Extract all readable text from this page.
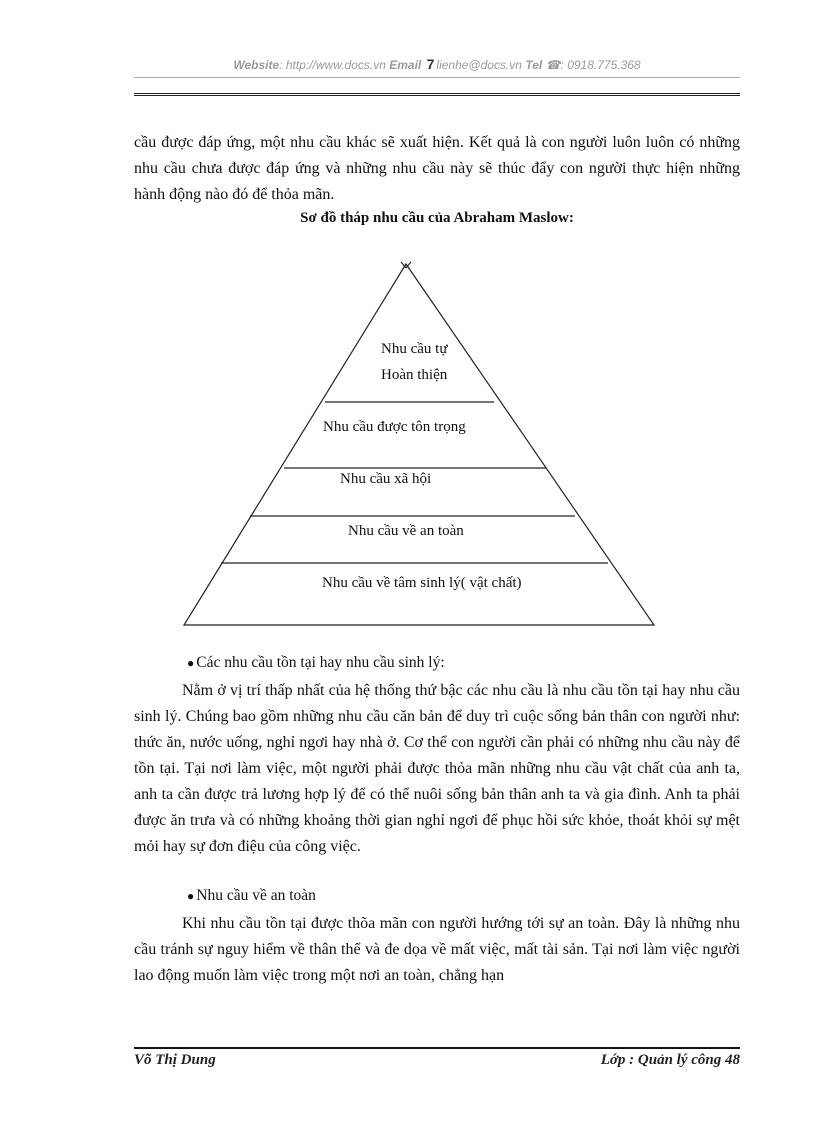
Website: http://www.docs.vn Email 7 lienhe@docs.vn Tel ☎: 0918.775.368
cầu được đáp ứng, một nhu cầu khác sẽ xuất hiện. Kết quả là con người luôn luôn có những nhu cầu chưa được đáp ứng và những nhu cầu này sẽ thúc đẩy con người thực hiện những hành động nào đó để thỏa mãn.
Sơ đồ tháp nhu cầu của Abraham Maslow:
Nhu cầu tự
Hoàn thiện
Nhu cầu được tôn trọng
Nhu cầu xã hội
Nhu cầu về an toàn
Nhu cầu về tâm sinh lý( vật chất)
● Các nhu cầu tồn tại hay nhu cầu sinh lý:
Nằm ở vị trí thấp nhất của hệ thống thứ bậc các nhu cầu là nhu cầu tồn tại hay nhu cầu sinh lý. Chúng bao gồm những nhu cầu căn bản để duy trì cuộc sống bản thân con người như: thức ăn, nước uống, nghỉ ngơi hay nhà ở. Cơ thể con người cần phải có những nhu cầu này để tồn tại. Tại nơi làm việc, một người phải được thỏa mãn những nhu cầu vật chất của anh ta, anh ta cần được trả lương hợp lý để có thể nuôi sống bản thân anh ta và gia đình. Anh ta phải được ăn trưa và có những khoảng thời gian nghỉ ngơi để phục hồi sức khỏe, thoát khỏi sự mệt mỏi hay sự đơn điệu của công việc.
● Nhu cầu về an toàn
Khi nhu cầu tồn tại được thõa mãn con người hướng tới sự an toàn. Đây là những nhu cầu tránh sự nguy hiểm về thân thể và đe dọa về mất việc, mất tài sản. Tại nơi làm việc người lao động muốn làm việc trong một nơi an toàn, chẳng hạn
Võ Thị Dung	Lớp : Quản lý công 48
